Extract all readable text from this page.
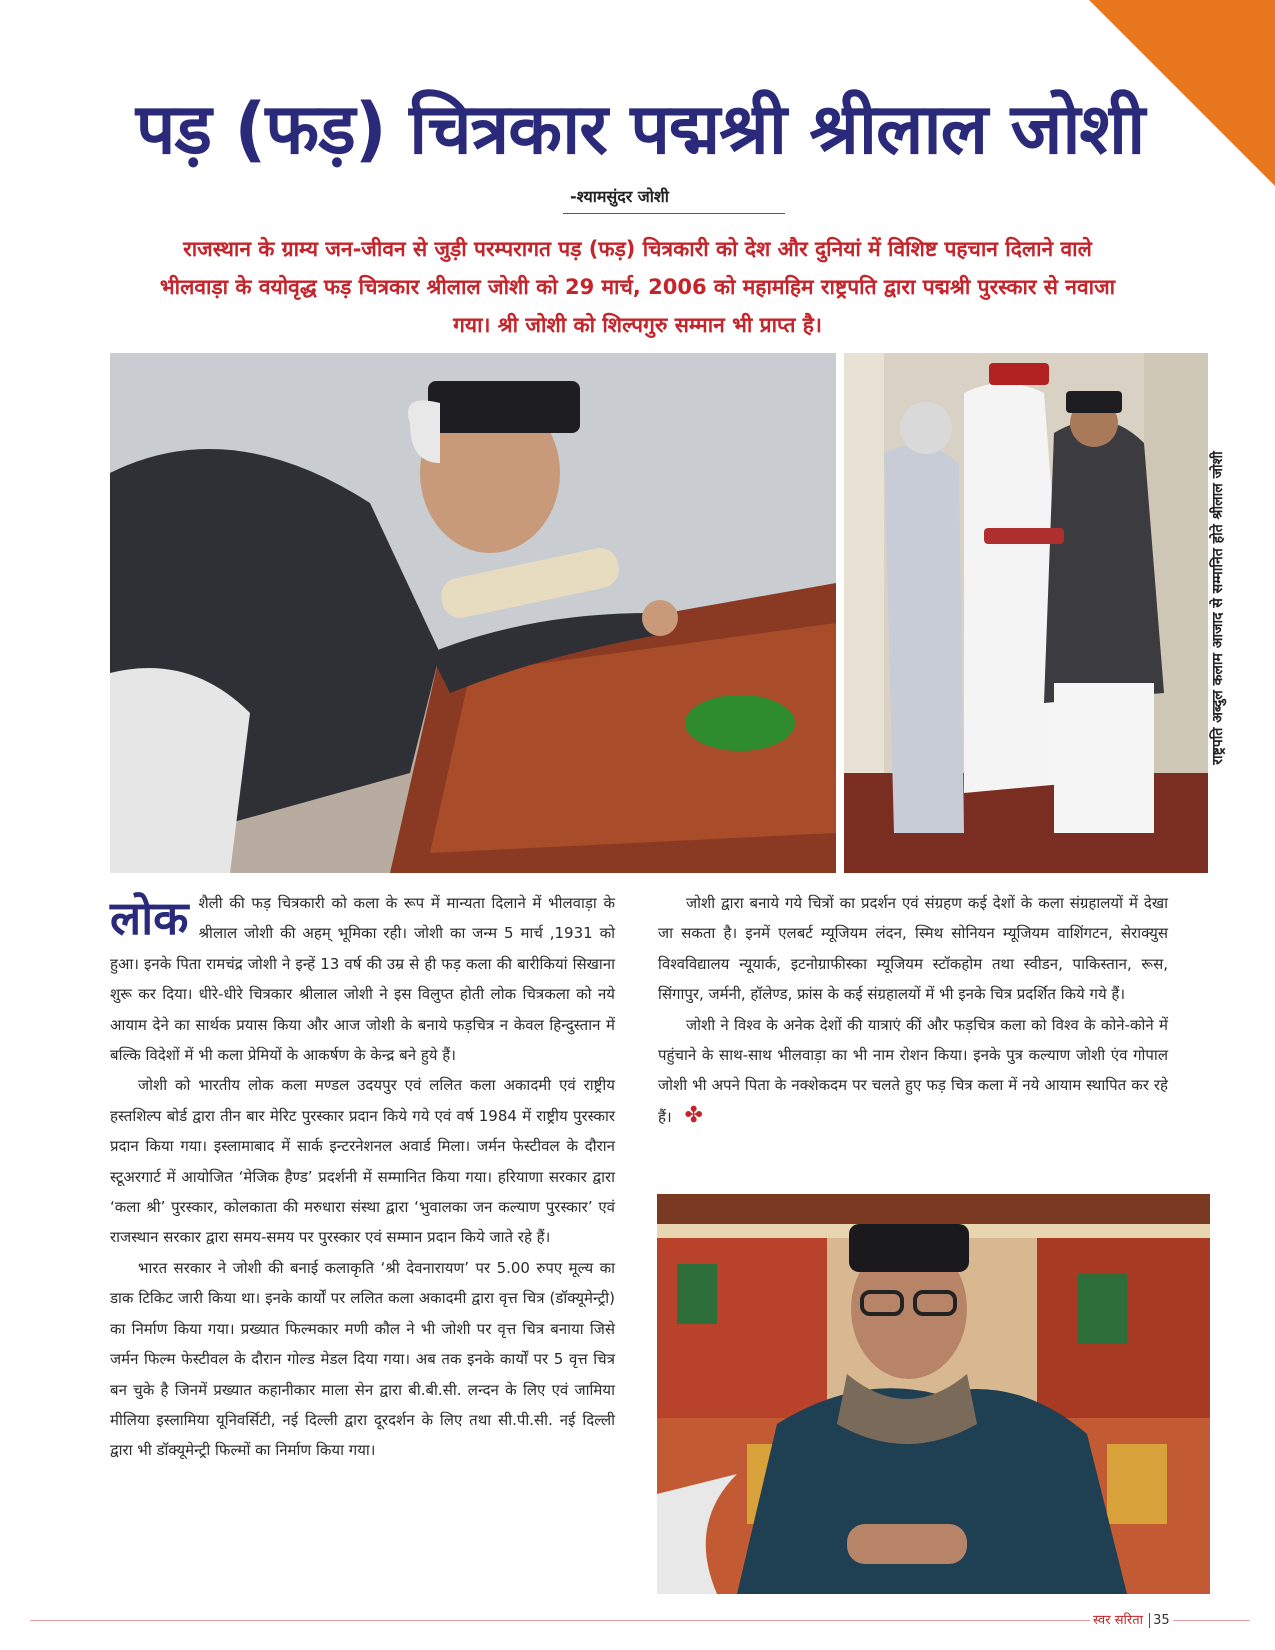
पड़ (फड़) चित्रकार पद्मश्री श्रीलाल जोशी
-श्यामसुंदर जोशी
राजस्थान के ग्राम्य जन-जीवन से जुड़ी परम्परागत पड़ (फड़) चित्रकारी को देश और दुनियां में विशिष्ट पहचान दिलाने वाले भीलवाड़ा के वयोवृद्ध फड़ चित्रकार श्रीलाल जोशी को 29 मार्च, 2006 को महामहिम राष्ट्रपति द्वारा पद्मश्री पुरस्कार से नवाजा गया। श्री जोशी को शिल्पगुरु सम्मान भी प्राप्त है।
राष्ट्रपति अब्दुल कलाम आजाद से सम्मानित होते श्रीलाल जोशी

लोक शैली की फड़ चित्रकारी को कला के रूप में मान्यता दिलाने में भीलवाड़ा के श्रीलाल जोशी की अहम् भूमिका रही। जोशी का जन्म 5 मार्च ,1931 को हुआ। इनके पिता रामचंद्र जोशी ने इन्हें 13 वर्ष की उम्र से ही फड़ कला की बारीकियां सिखाना शुरू कर दिया। धीरे-धीरे चित्रकार श्रीलाल जोशी ने इस विलुप्त होती लोक चित्रकला को नये आयाम देने का सार्थक प्रयास किया और आज जोशी के बनाये फड़चित्र न केवल हिन्दुस्तान में बल्कि विदेशों में भी कला प्रेमियों के आकर्षण के केन्द्र बने हुये हैं।

जोशी को भारतीय लोक कला मण्डल उदयपुर एवं ललित कला अकादमी एवं राष्ट्रीय हस्तशिल्प बोर्ड द्वारा तीन बार मेरिट पुरस्कार प्रदान किये गये एवं वर्ष 1984 में राष्ट्रीय पुरस्कार प्रदान किया गया। इस्लामाबाद में सार्क इन्टरनेशनल अवार्ड मिला। जर्मन फेस्टीवल के दौरान स्टूअरगार्ट में आयोजित ‘मेजिक हैण्ड’ प्रदर्शनी में सम्मानित किया गया। हरियाणा सरकार द्वारा ‘कला श्री’ पुरस्कार, कोलकाता की मरुधारा संस्था द्वारा ‘भुवालका जन कल्याण पुरस्कार’ एवं राजस्थान सरकार द्वारा समय-समय पर पुरस्कार एवं सम्मान प्रदान किये जाते रहे हैं।

भारत सरकार ने जोशी की बनाई कलाकृति ‘श्री देवनारायण’ पर 5.00 रुपए मूल्य का डाक टिकिट जारी किया था। इनके कार्यों पर ललित कला अकादमी द्वारा वृत्त चित्र (डॉक्यूमेन्ट्री) का निर्माण किया गया। प्रख्यात फिल्मकार मणी कौल ने भी जोशी पर वृत्त चित्र बनाया जिसे जर्मन फिल्म फेस्टीवल के दौरान गोल्ड मेडल दिया गया। अब तक इनके कार्यों पर 5 वृत्त चित्र बन चुके है जिनमें प्रख्यात कहानीकार माला सेन द्वारा बी.बी.सी. लन्दन के लिए एवं जामिया मीलिया इस्लामिया यूनिवर्सिटी, नई दिल्ली द्वारा दूरदर्शन के लिए तथा सी.पी.सी. नई दिल्ली द्वारा भी डॉक्यूमेन्ट्री फिल्मों का निर्माण किया गया।

जोशी द्वारा बनाये गये चित्रों का प्रदर्शन एवं संग्रहण कई देशों के कला संग्रहालयों में देखा जा सकता है। इनमें एलबर्ट म्यूजियम लंदन, स्मिथ सोनियन म्यूजियम वाशिंगटन, सेराक्युस विश्वविद्यालय न्यूयार्क, इटनोग्राफीस्का म्यूजियम स्टॉकहोम तथा स्वीडन, पाकिस्तान, रूस, सिंगापुर, जर्मनी, हॉलेण्ड, फ्रांस के कई संग्रहालयों में भी इनके चित्र प्रदर्शित किये गये हैं।

जोशी ने विश्व के अनेक देशों की यात्राएं कीं और फड़चित्र कला को विश्व के कोने-कोने में पहुंचाने के साथ-साथ भीलवाड़ा का भी नाम रोशन किया। इनके पुत्र कल्याण जोशी एंव गोपाल जोशी भी अपने पिता के नक्शेकदम पर चलते हुए फड़ चित्र कला में नये आयाम स्थापित कर रहे हैं। ✤

स्वर सरिता 35
